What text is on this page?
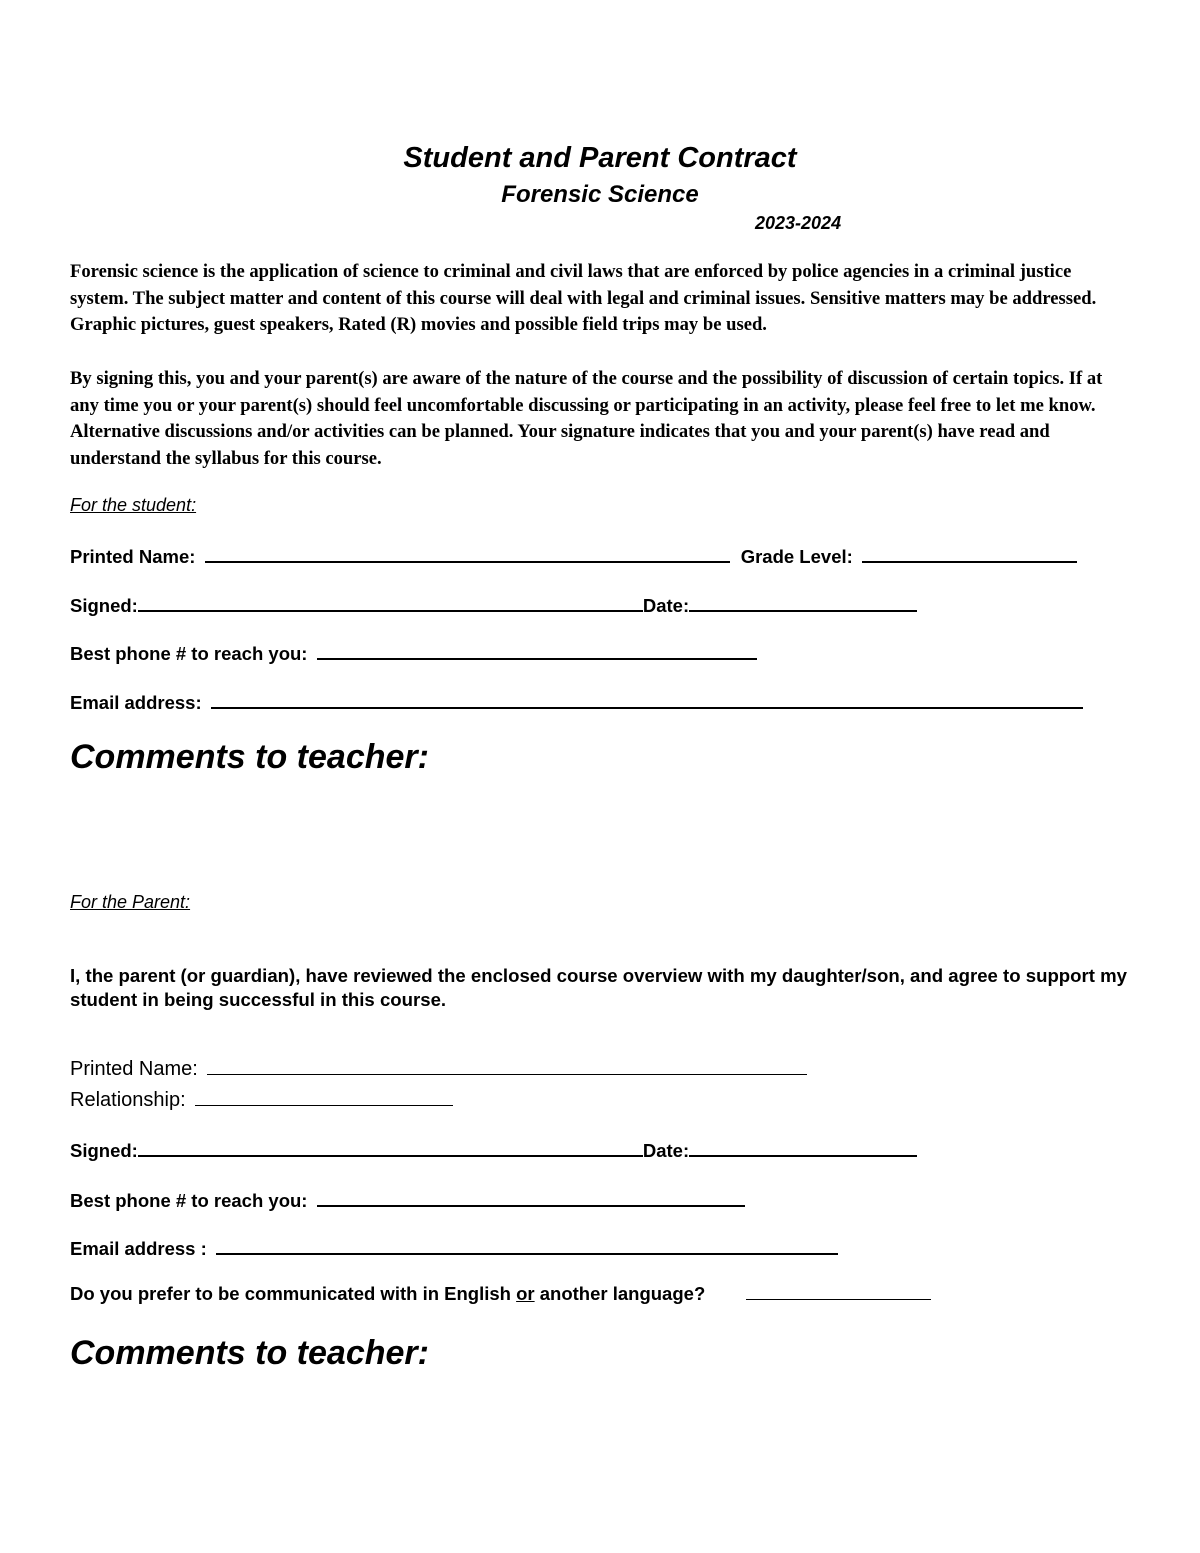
Student and Parent Contract
Forensic Science
2023-2024
Forensic science is the application of science to criminal and civil laws that are enforced by police agencies in a criminal justice system. The subject matter and content of this course will deal with legal and criminal issues. Sensitive matters may be addressed. Graphic pictures, guest speakers, Rated (R) movies and possible field trips may be used.
By signing this, you and your parent(s) are aware of the nature of the course and the possibility of discussion of certain topics. If at any time you or your parent(s) should feel uncomfortable discussing or participating in an activity, please feel free to let me know. Alternative discussions and/or activities can be planned. Your signature indicates that you and your parent(s) have read and understand the syllabus for this course.
For the student:
Printed Name:	Grade Level:
Signed:	Date:
Best phone # to reach you:
Email address:
Comments to teacher:
For the Parent:
I, the parent (or guardian), have reviewed the enclosed course overview with my daughter/son, and agree to support my student in being successful in this course.
Printed Name:
Relationship:
Signed:	Date:
Best phone # to reach you:
Email address :
Do you prefer to be communicated with in English or another language?
Comments to teacher:
